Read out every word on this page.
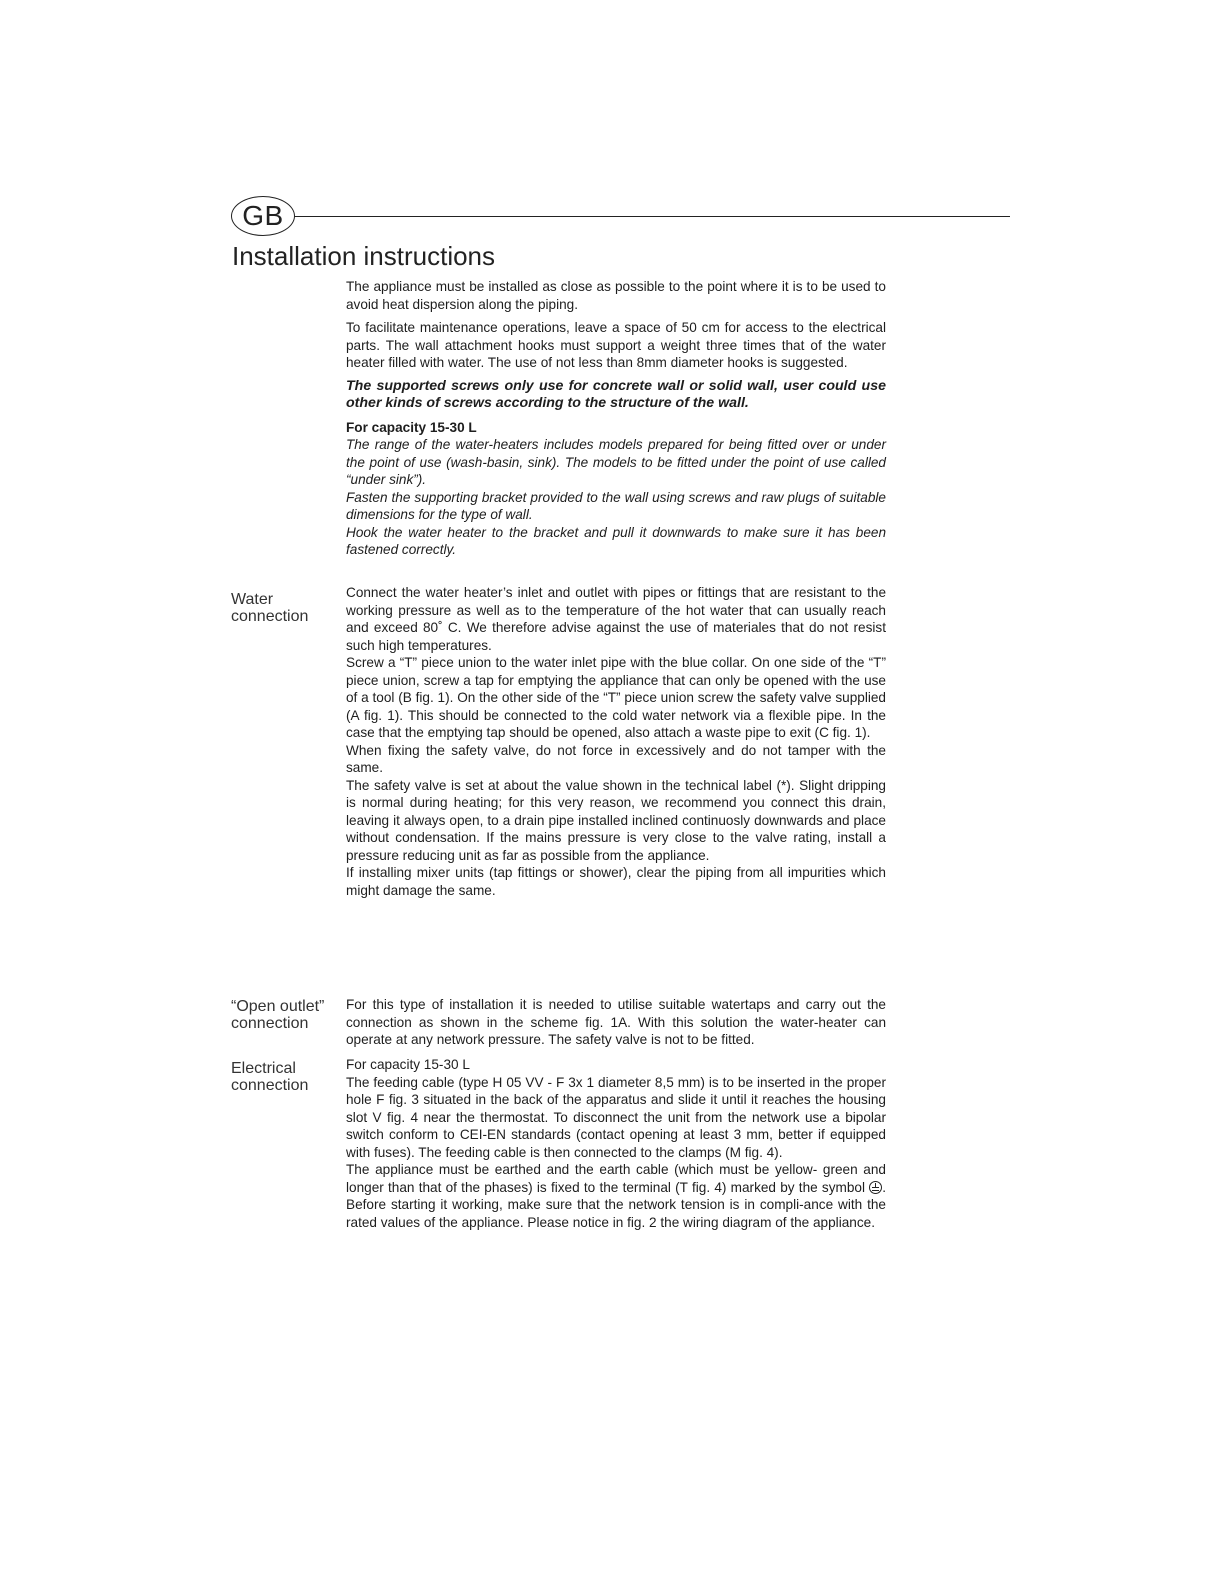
GB
Installation instructions

The appliance must be installed as close as possible to the point where it is to be used to avoid heat dispersion along the piping.

To facilitate maintenance operations, leave a space of 50 cm for access to the electrical parts. The wall attachment hooks must support a weight three times that of the water heater filled with water. The use of not less than 8mm diameter hooks is suggested.

The supported screws only use for concrete wall or solid wall, user could use other kinds of screws according to the structure of the wall.

For capacity 15-30 L

The range of the water-heaters includes models prepared for being fitted over or under the point of use (wash-basin, sink). The models to be fitted under the point of use called “under sink”).

Fasten the supporting bracket provided to the wall using screws and raw plugs of suitable dimensions for the type of wall.

Hook the water heater to the bracket and pull it downwards to make sure it has been fastened correctly.

Water
connection

Connect the water heater’s inlet and outlet with pipes or fittings that are resistant to the working pressure as well as to the temperature of the hot water that can usually reach and exceed 80˚ C. We therefore advise against the use of materiales that do not resist such high temperatures.

Screw a “T” piece union to the water inlet pipe with the blue collar. On one side of the “T” piece union, screw a tap for emptying the appliance that can only be opened with the use of a tool (B fig. 1). On the other side of the “T” piece union screw the safety valve supplied (A fig. 1). This should be connected to the cold water network via a flexible pipe. In the case that the emptying tap should be opened, also attach a waste pipe to exit (C fig. 1).

When fixing the safety valve, do not force in excessively and do not tamper with the same.

The safety valve is set at about the value shown in the technical label (*). Slight dripping is normal during heating; for this very reason, we recommend you connect this drain, leaving it always open, to a drain pipe installed inclined continuosly downwards and place without condensation. If the mains pressure is very close to the valve rating, install a pressure reducing unit as far as possible from the appliance.

If installing mixer units (tap fittings or shower), clear the piping from all impurities which might damage the same.

“Open outlet”
connection

For this type of installation it is needed to utilise suitable watertaps and carry out the connection as shown in the scheme fig. 1A. With this solution the water-heater can operate at any network pressure. The safety valve is not to be fitted.

Electrical
connection

For capacity 15-30 L

The feeding cable (type H 05 VV - F 3x 1 diameter 8,5 mm) is to be inserted in the proper hole F fig. 3 situated in the back of the apparatus and slide it until it reaches the housing slot V fig. 4 near the thermostat. To disconnect the unit from the network use a bipolar switch conform to CEI-EN standards (contact opening at least 3 mm, better if equipped with fuses). The feeding cable is then connected to the clamps (M fig. 4).

The appliance must be earthed and the earth cable (which must be yellow- green and longer than that of the phases) is fixed to the terminal (T fig. 4) marked by the symbol . Before starting it working, make sure that the network tension is in compli-ance with the rated values of the appliance. Please notice in fig. 2 the wiring diagram of the appliance.
